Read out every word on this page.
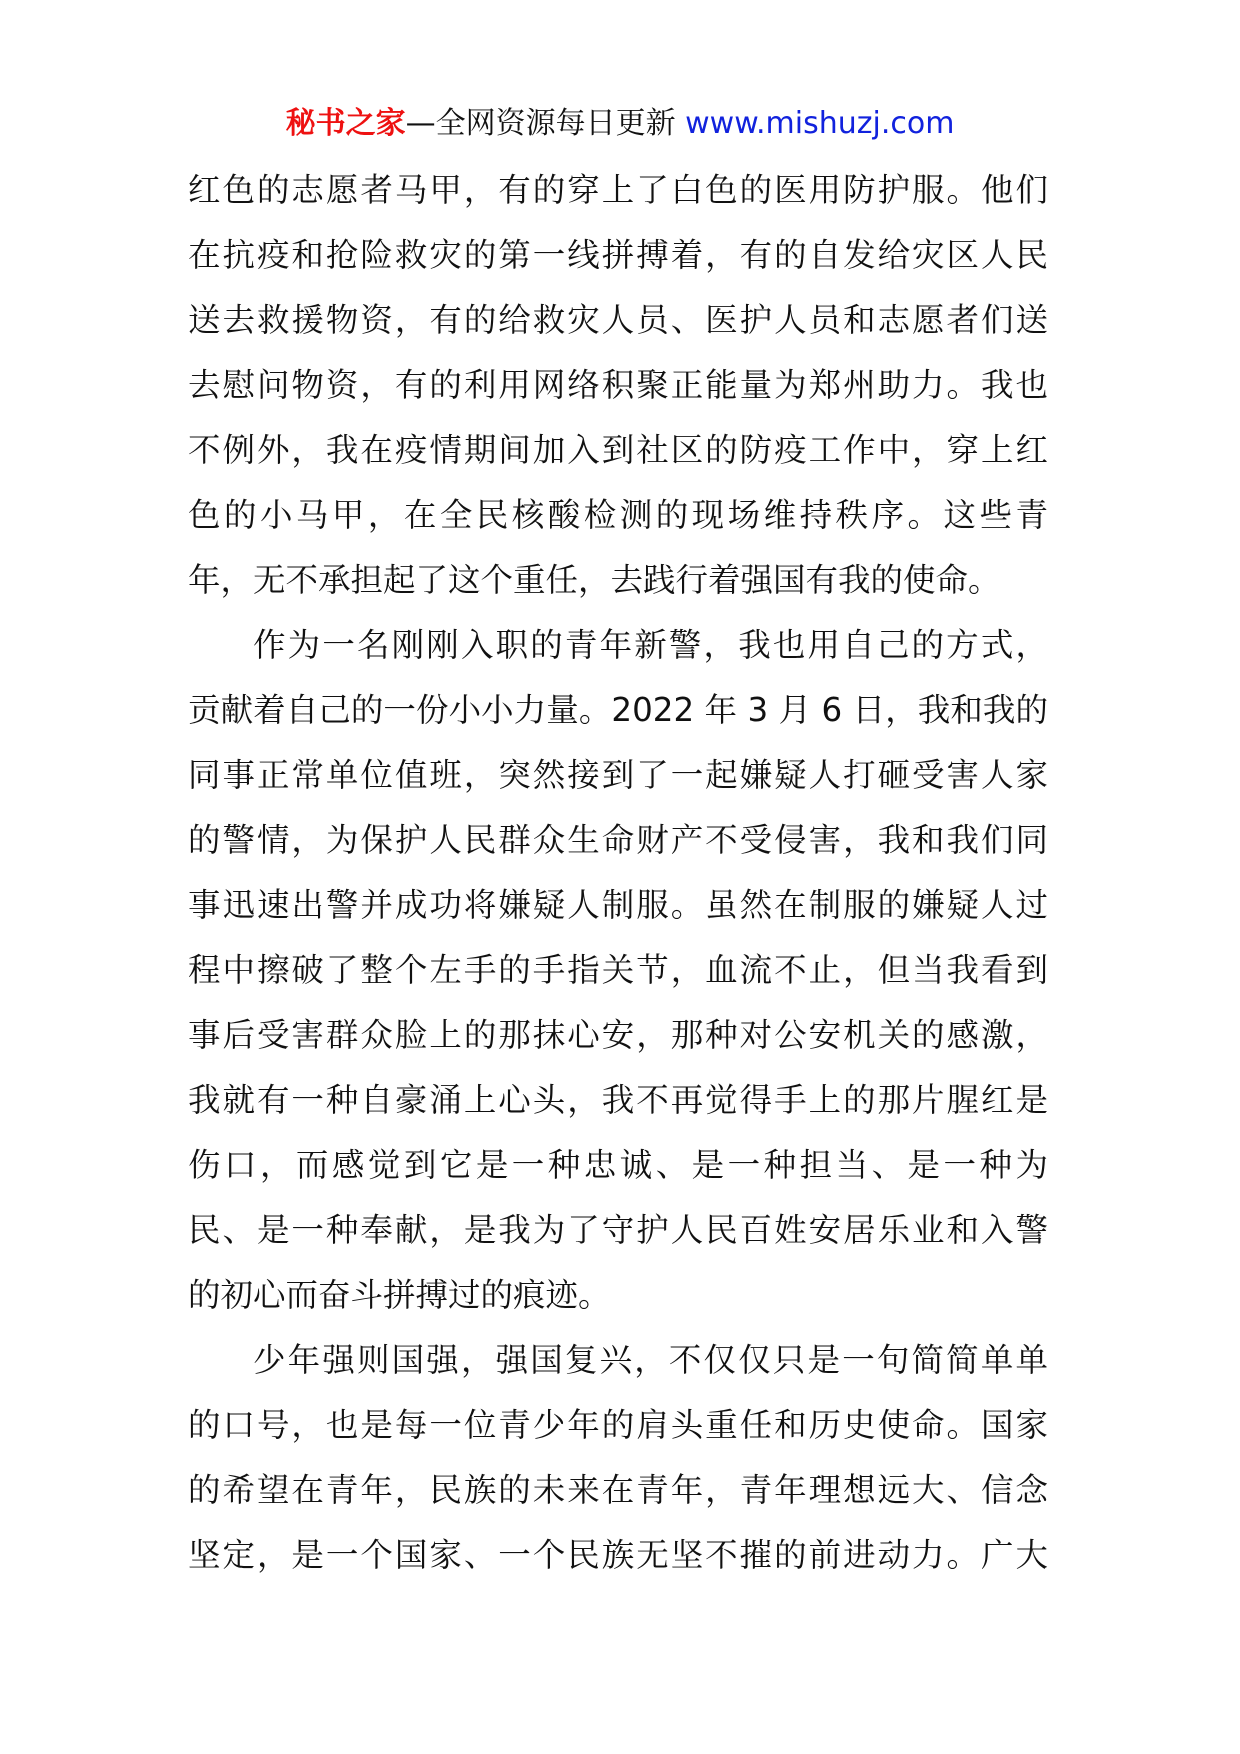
秘书之家—全网资源每日更新 www.mishuzj.com
红色的志愿者马甲，有的穿上了白色的医用防护服。他们
在抗疫和抢险救灾的第一线拼搏着，有的自发给灾区人民
送去救援物资，有的给救灾人员、医护人员和志愿者们送
去慰问物资，有的利用网络积聚正能量为郑州助力。我也
不例外，我在疫情期间加入到社区的防疫工作中，穿上红
色的小马甲，在全民核酸检测的现场维持秩序。这些青
年，无不承担起了这个重任，去践行着强国有我的使命。
作为一名刚刚入职的青年新警，我也用自己的方式，
贡献着自己的一份小小力量。2022 年 3 月 6 日，我和我的
同事正常单位值班，突然接到了一起嫌疑人打砸受害人家
的警情，为保护人民群众生命财产不受侵害，我和我们同
事迅速出警并成功将嫌疑人制服。虽然在制服的嫌疑人过
程中擦破了整个左手的手指关节，血流不止，但当我看到
事后受害群众脸上的那抹心安，那种对公安机关的感激，
我就有一种自豪涌上心头，我不再觉得手上的那片腥红是
伤口，而感觉到它是一种忠诚、是一种担当、是一种为
民、是一种奉献，是我为了守护人民百姓安居乐业和入警
的初心而奋斗拼搏过的痕迹。
少年强则国强，强国复兴，不仅仅只是一句简简单单
的口号，也是每一位青少年的肩头重任和历史使命。国家
的希望在青年，民族的未来在青年，青年理想远大、信念
坚定，是一个国家、一个民族无坚不摧的前进动力。广大
